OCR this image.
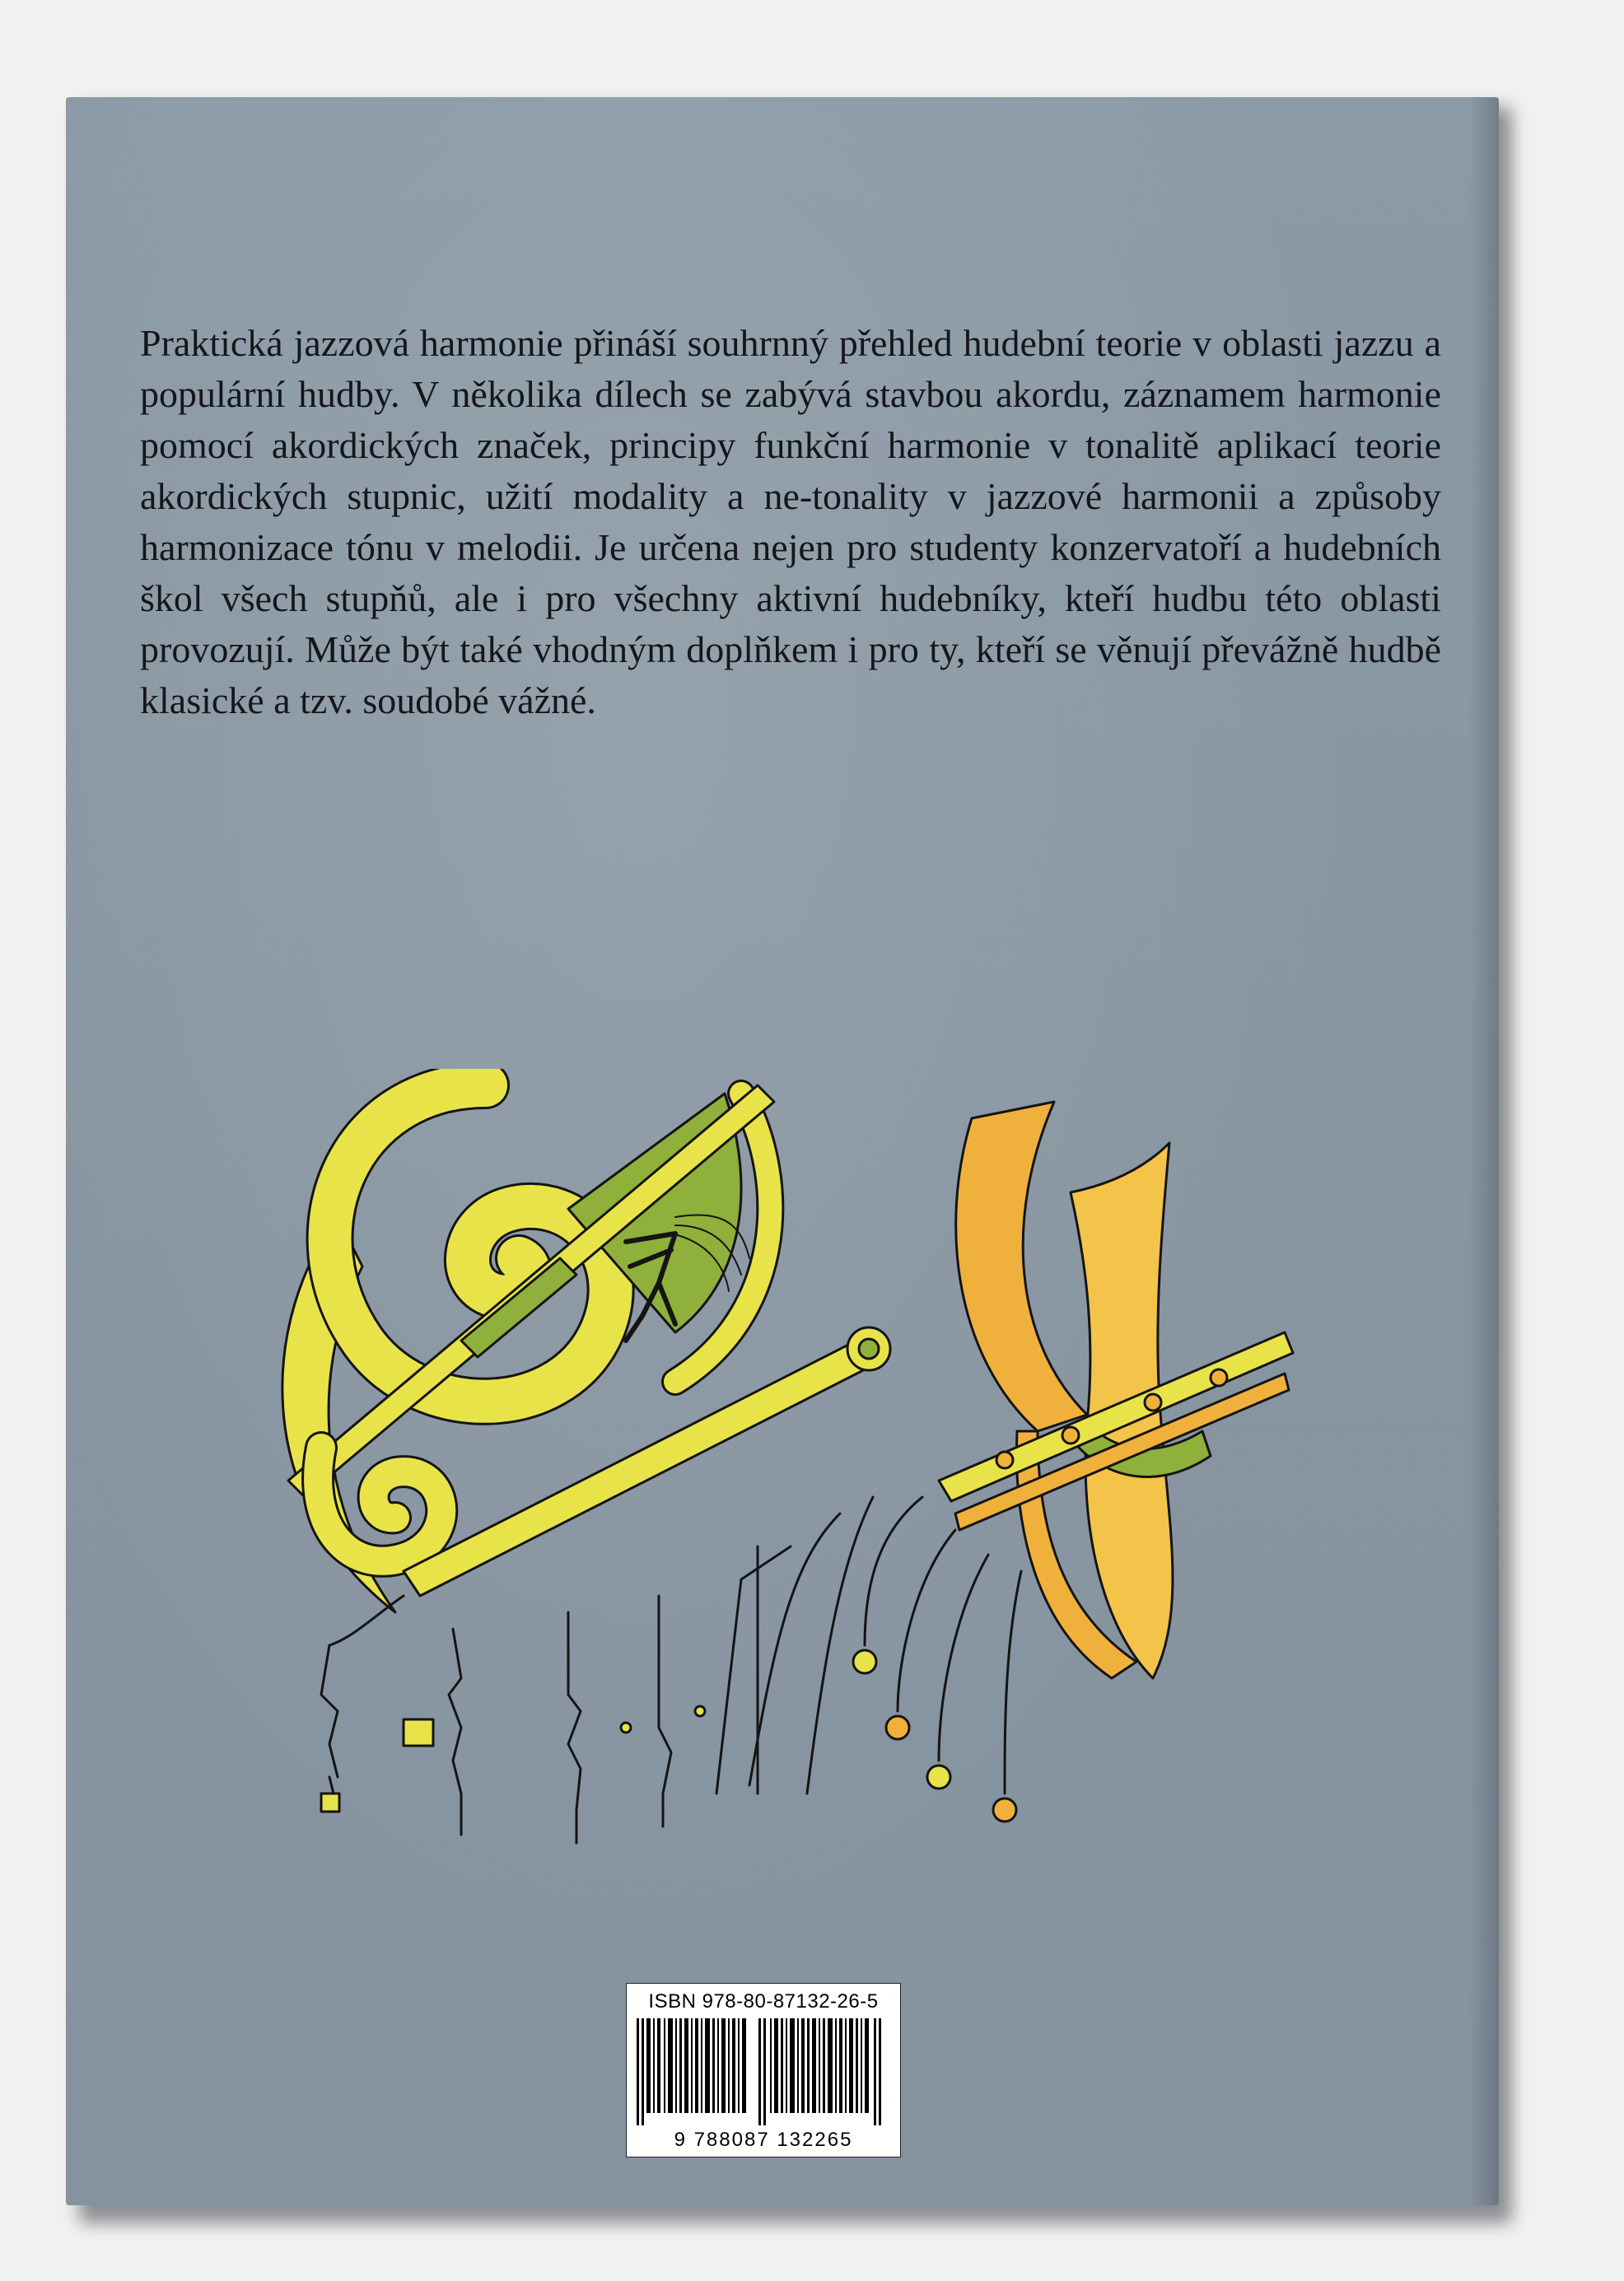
Praktická jazzová harmonie přináší souhrnný přehled hudební teorie v oblasti jazzu a populární hudby. V několika dílech se zabývá stavbou akordu, záznamem harmonie pomocí akordických značek, principy funkční harmonie v tonalitě aplikací teorie akordických stupnic, užití modality a ne-tonality v jazzové harmonii a způsoby harmonizace tónu v melodii. Je určena nejen pro studenty konzervatoří a hudebních škol všech stupňů, ale i pro všechny aktivní hudebníky, kteří hudbu této oblasti provozují. Může být také vhodným doplňkem i pro ty, kteří se věnují převážně hudbě klasické a tzv. soudobé vážné.

ISBN 978-80-87132-26-5
9 788087 132265
